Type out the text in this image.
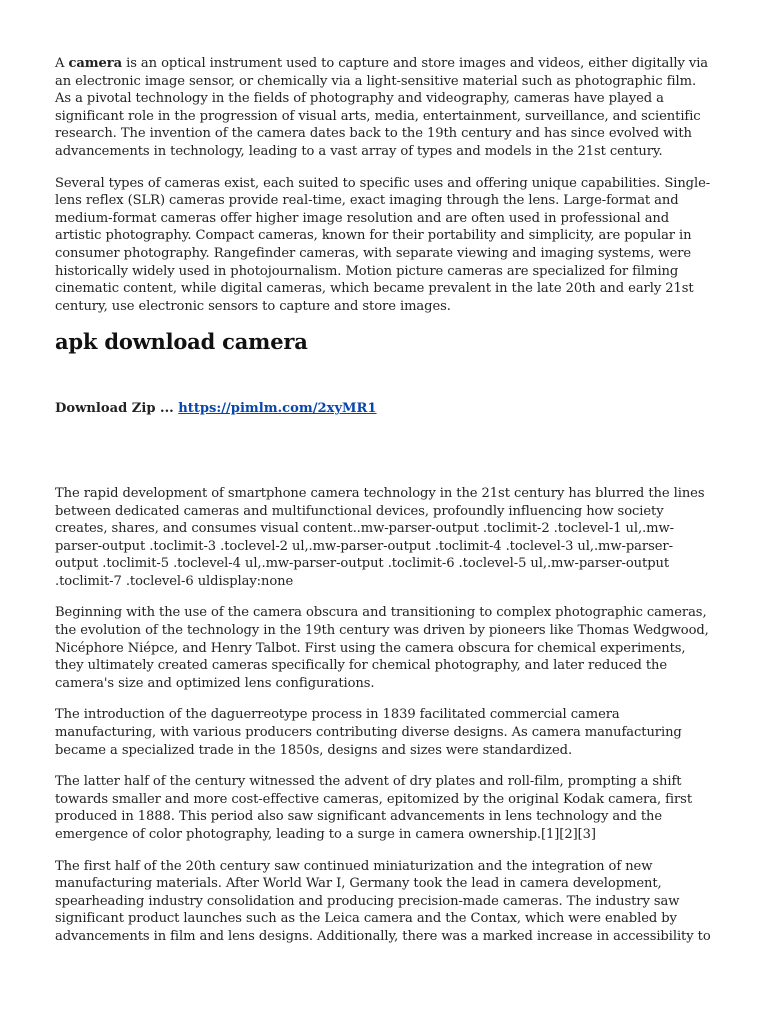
A camera is an optical instrument used to capture and store images and videos, either digitally via an electronic image sensor, or chemically via a light-sensitive material such as photographic film. As a pivotal technology in the fields of photography and videography, cameras have played a significant role in the progression of visual arts, media, entertainment, surveillance, and scientific research. The invention of the camera dates back to the 19th century and has since evolved with advancements in technology, leading to a vast array of types and models in the 21st century.

Several types of cameras exist, each suited to specific uses and offering unique capabilities. Single-lens reflex (SLR) cameras provide real-time, exact imaging through the lens. Large-format and medium-format cameras offer higher image resolution and are often used in professional and artistic photography. Compact cameras, known for their portability and simplicity, are popular in consumer photography. Rangefinder cameras, with separate viewing and imaging systems, were historically widely used in photojournalism. Motion picture cameras are specialized for filming cinematic content, while digital cameras, which became prevalent in the late 20th and early 21st century, use electronic sensors to capture and store images.

apk download camera
Download Zip ... https://pimlm.com/2xyMR1

The rapid development of smartphone camera technology in the 21st century has blurred the lines between dedicated cameras and multifunctional devices, profoundly influencing how society creates, shares, and consumes visual content..mw-parser-output .toclimit-2 .toclevel-1 ul,.mw-parser-output .toclimit-3 .toclevel-2 ul,.mw-parser-output .toclimit-4 .toclevel-3 ul,.mw-parser-output .toclimit-5 .toclevel-4 ul,.mw-parser-output .toclimit-6 .toclevel-5 ul,.mw-parser-output .toclimit-7 .toclevel-6 uldisplay:none

Beginning with the use of the camera obscura and transitioning to complex photographic cameras, the evolution of the technology in the 19th century was driven by pioneers like Thomas Wedgwood, Nicéphore Niépce, and Henry Talbot. First using the camera obscura for chemical experiments, they ultimately created cameras specifically for chemical photography, and later reduced the camera's size and optimized lens configurations.

The introduction of the daguerreotype process in 1839 facilitated commercial camera manufacturing, with various producers contributing diverse designs. As camera manufacturing became a specialized trade in the 1850s, designs and sizes were standardized.

The latter half of the century witnessed the advent of dry plates and roll-film, prompting a shift towards smaller and more cost-effective cameras, epitomized by the original Kodak camera, first produced in 1888. This period also saw significant advancements in lens technology and the emergence of color photography, leading to a surge in camera ownership.[1][2][3]

The first half of the 20th century saw continued miniaturization and the integration of new manufacturing materials. After World War I, Germany took the lead in camera development, spearheading industry consolidation and producing precision-made cameras. The industry saw significant product launches such as the Leica camera and the Contax, which were enabled by advancements in film and lens designs. Additionally, there was a marked increase in accessibility to
